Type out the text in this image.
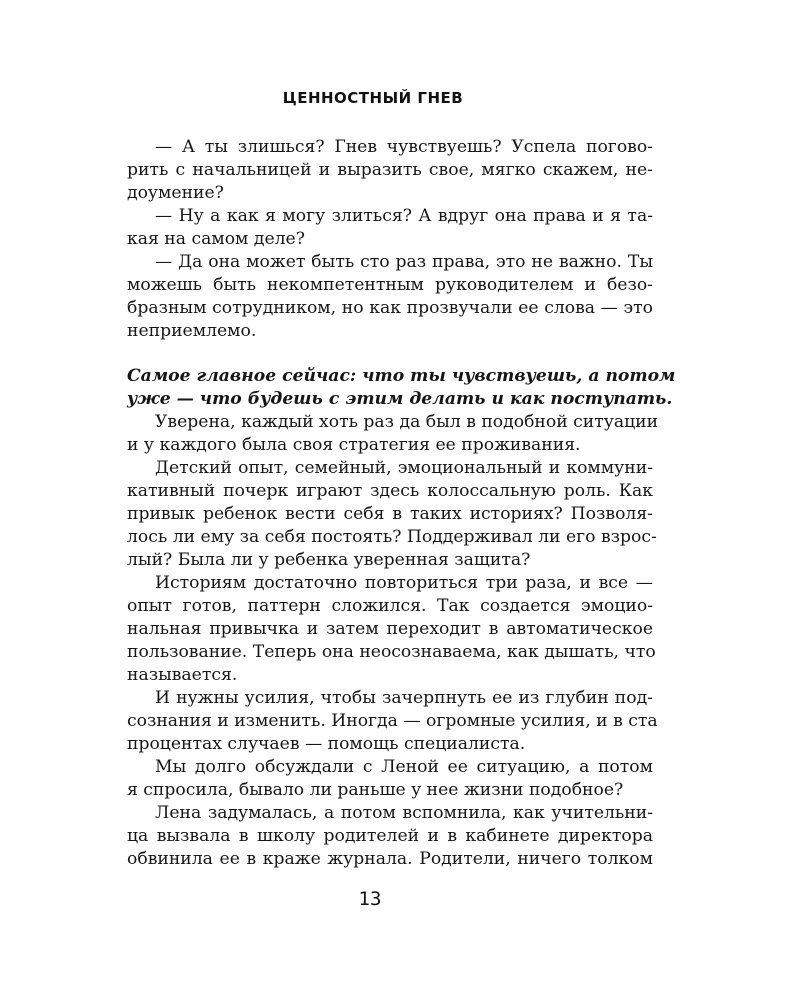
ЦЕННОСТНЫЙ ГНЕВ

— А ты злишься? Гнев чувствуешь? Успела погово-
рить с начальницей и выразить свое, мягко скажем, не-
доумение?

— Ну а как я могу злиться? А вдруг она права и я та-
кая на самом деле?

— Да она может быть сто раз права, это не важно. Ты
можешь быть некомпетентным руководителем и безо-
бразным сотрудником, но как прозвучали ее слова — это
неприемлемо.

Самое главное сейчас: что ты чувствуешь, а потом
уже — что будешь с этим делать и как поступать.

Уверена, каждый хоть раз да был в подобной ситуации
и у каждого была своя стратегия ее проживания.

Детский опыт, семейный, эмоциональный и коммуни-
кативный почерк играют здесь колоссальную роль. Как
привык ребенок вести себя в таких историях? Позволя-
лось ли ему за себя постоять? Поддерживал ли его взрос-
лый? Была ли у ребенка уверенная защита?

Историям достаточно повториться три раза, и все —
опыт готов, паттерн сложился. Так создается эмоцио-
нальная привычка и затем переходит в автоматическое
пользование. Теперь она неосознаваема, как дышать, что
называется.

И нужны усилия, чтобы зачерпнуть ее из глубин под-
сознания и изменить. Иногда — огромные усилия, и в ста
процентах случаев — помощь специалиста.

Мы долго обсуждали с Леной ее ситуацию, а потом
я спросила, бывало ли раньше у нее жизни подобное?

Лена задумалась, а потом вспомнила, как учительни-
ца вызвала в школу родителей и в кабинете директора
обвинила ее в краже журнала. Родители, ничего толком

13
